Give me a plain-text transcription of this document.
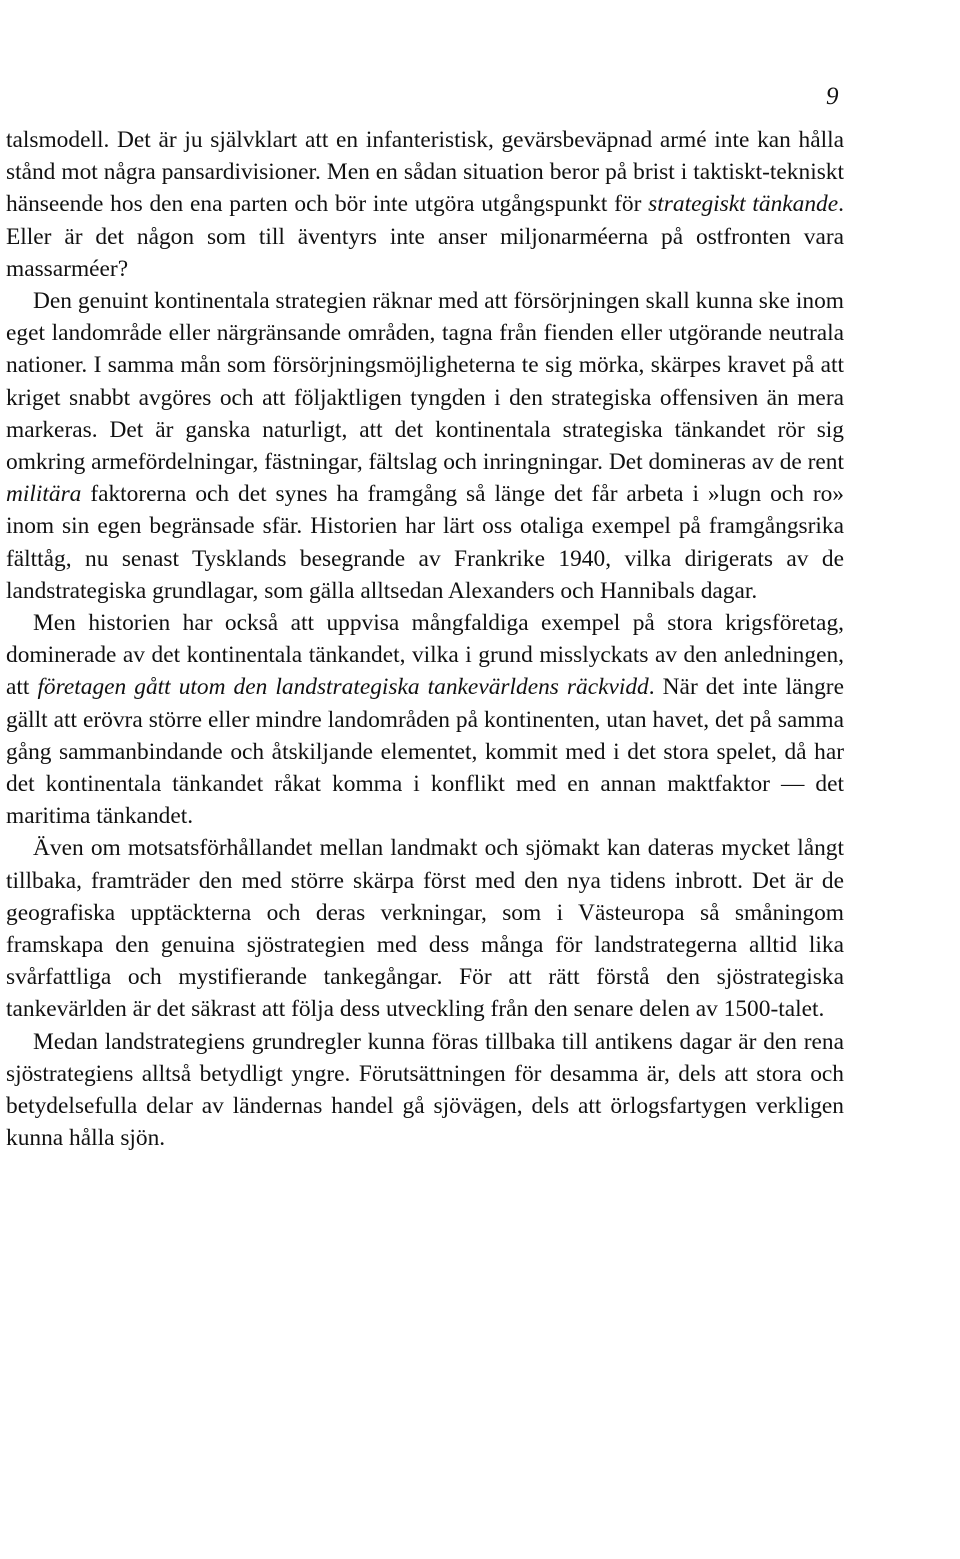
9

talsmodell. Det är ju självklart att en infanteristisk, gevärsbeväpnad armé inte kan hålla stånd mot några pansardivisioner. Men en sådan situation beror på brist i taktiskt-tekniskt hänseende hos den ena parten och bör inte utgöra utgångspunkt för strategiskt tänkande. Eller är det någon som till äventyrs inte anser miljonarméerna på ostfronten vara massarméer?

Den genuint kontinentala strategien räknar med att försörjningen skall kunna ske inom eget landområde eller närgränsande områden, tagna från fienden eller utgörande neutrala nationer. I samma mån som försörjningsmöjligheterna te sig mörka, skärpes kravet på att kriget snabbt avgöres och att följaktligen tyngden i den strategiska offensiven än mera markeras. Det är ganska naturligt, att det kontinentala strategiska tänkandet rör sig omkring armefördelningar, fästningar, fältslag och inringningar. Det domineras av de rent militära faktorerna och det synes ha framgång så länge det får arbeta i »lugn och ro» inom sin egen begränsade sfär. Historien har lärt oss otaliga exempel på framgångsrika fälttåg, nu senast Tysklands besegrande av Frankrike 1940, vilka dirigerats av de landstrategiska grundlagar, som gälla alltsedan Alexanders och Hannibals dagar.

Men historien har också att uppvisa mångfaldiga exempel på stora krigsföretag, dominerade av det kontinentala tänkandet, vilka i grund misslyckats av den anledningen, att företagen gått utom den landstrategiska tankevärldens räckvidd. När det inte längre gällt att erövra större eller mindre landområden på kontinenten, utan havet, det på samma gång sammanbindande och åtskiljande elementet, kommit med i det stora spelet, då har det kontinentala tänkandet råkat komma i konflikt med en annan maktfaktor — det maritima tänkandet.

Även om motsatsförhållandet mellan landmakt och sjömakt kan dateras mycket långt tillbaka, framträder den med större skärpa först med den nya tidens inbrott. Det är de geografiska upptäckterna och deras verkningar, som i Västeuropa så småningom framskapa den genuina sjöstrategien med dess många för landstrategerna alltid lika svårfattliga och mystifierande tankegångar. För att rätt förstå den sjöstrategiska tankevärlden är det säkrast att följa dess utveckling från den senare delen av 1500-talet.

Medan landstrategiens grundregler kunna föras tillbaka till antikens dagar är den rena sjöstrategiens alltså betydligt yngre. Förutsättningen för desamma är, dels att stora och betydelsefulla delar av ländernas handel gå sjövägen, dels att örlogsfartygen verkligen kunna hålla sjön.
